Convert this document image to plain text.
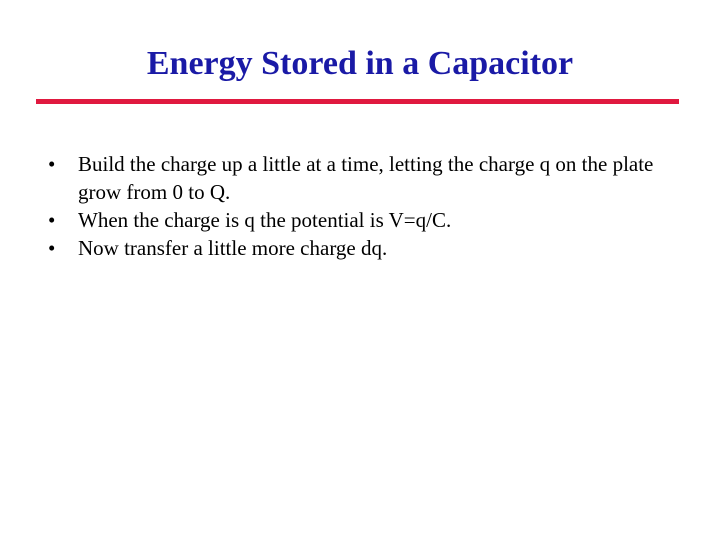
Energy Stored in a Capacitor
•	Build the charge up a little at a time, letting the charge q on the plate grow from 0 to Q.
•	When the charge is q the potential is V=q/C.
•	Now transfer a little more charge dq.
